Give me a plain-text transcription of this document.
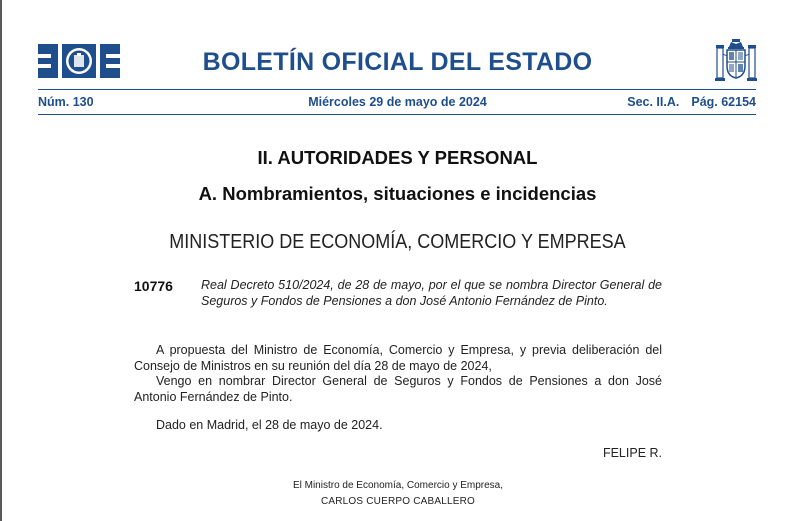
BOLETÍN OFICIAL DEL ESTADO
Núm. 130	Miércoles 29 de mayo de 2024	Sec. II.A. Pág. 62154
II. AUTORIDADES Y PERSONAL
A. Nombramientos, situaciones e incidencias
MINISTERIO DE ECONOMÍA, COMERCIO Y EMPRESA
10776 Real Decreto 510/2024, de 28 de mayo, por el que se nombra Director General de Seguros y Fondos de Pensiones a don José Antonio Fernández de Pinto.

A propuesta del Ministro de Economía, Comercio y Empresa, y previa deliberación del Consejo de Ministros en su reunión del día 28 de mayo de 2024,

Vengo en nombrar Director General de Seguros y Fondos de Pensiones a don José Antonio Fernández de Pinto.

Dado en Madrid, el 28 de mayo de 2024.

FELIPE R.
El Ministro de Economía, Comercio y Empresa,
CARLOS CUERPO CABALLERO
